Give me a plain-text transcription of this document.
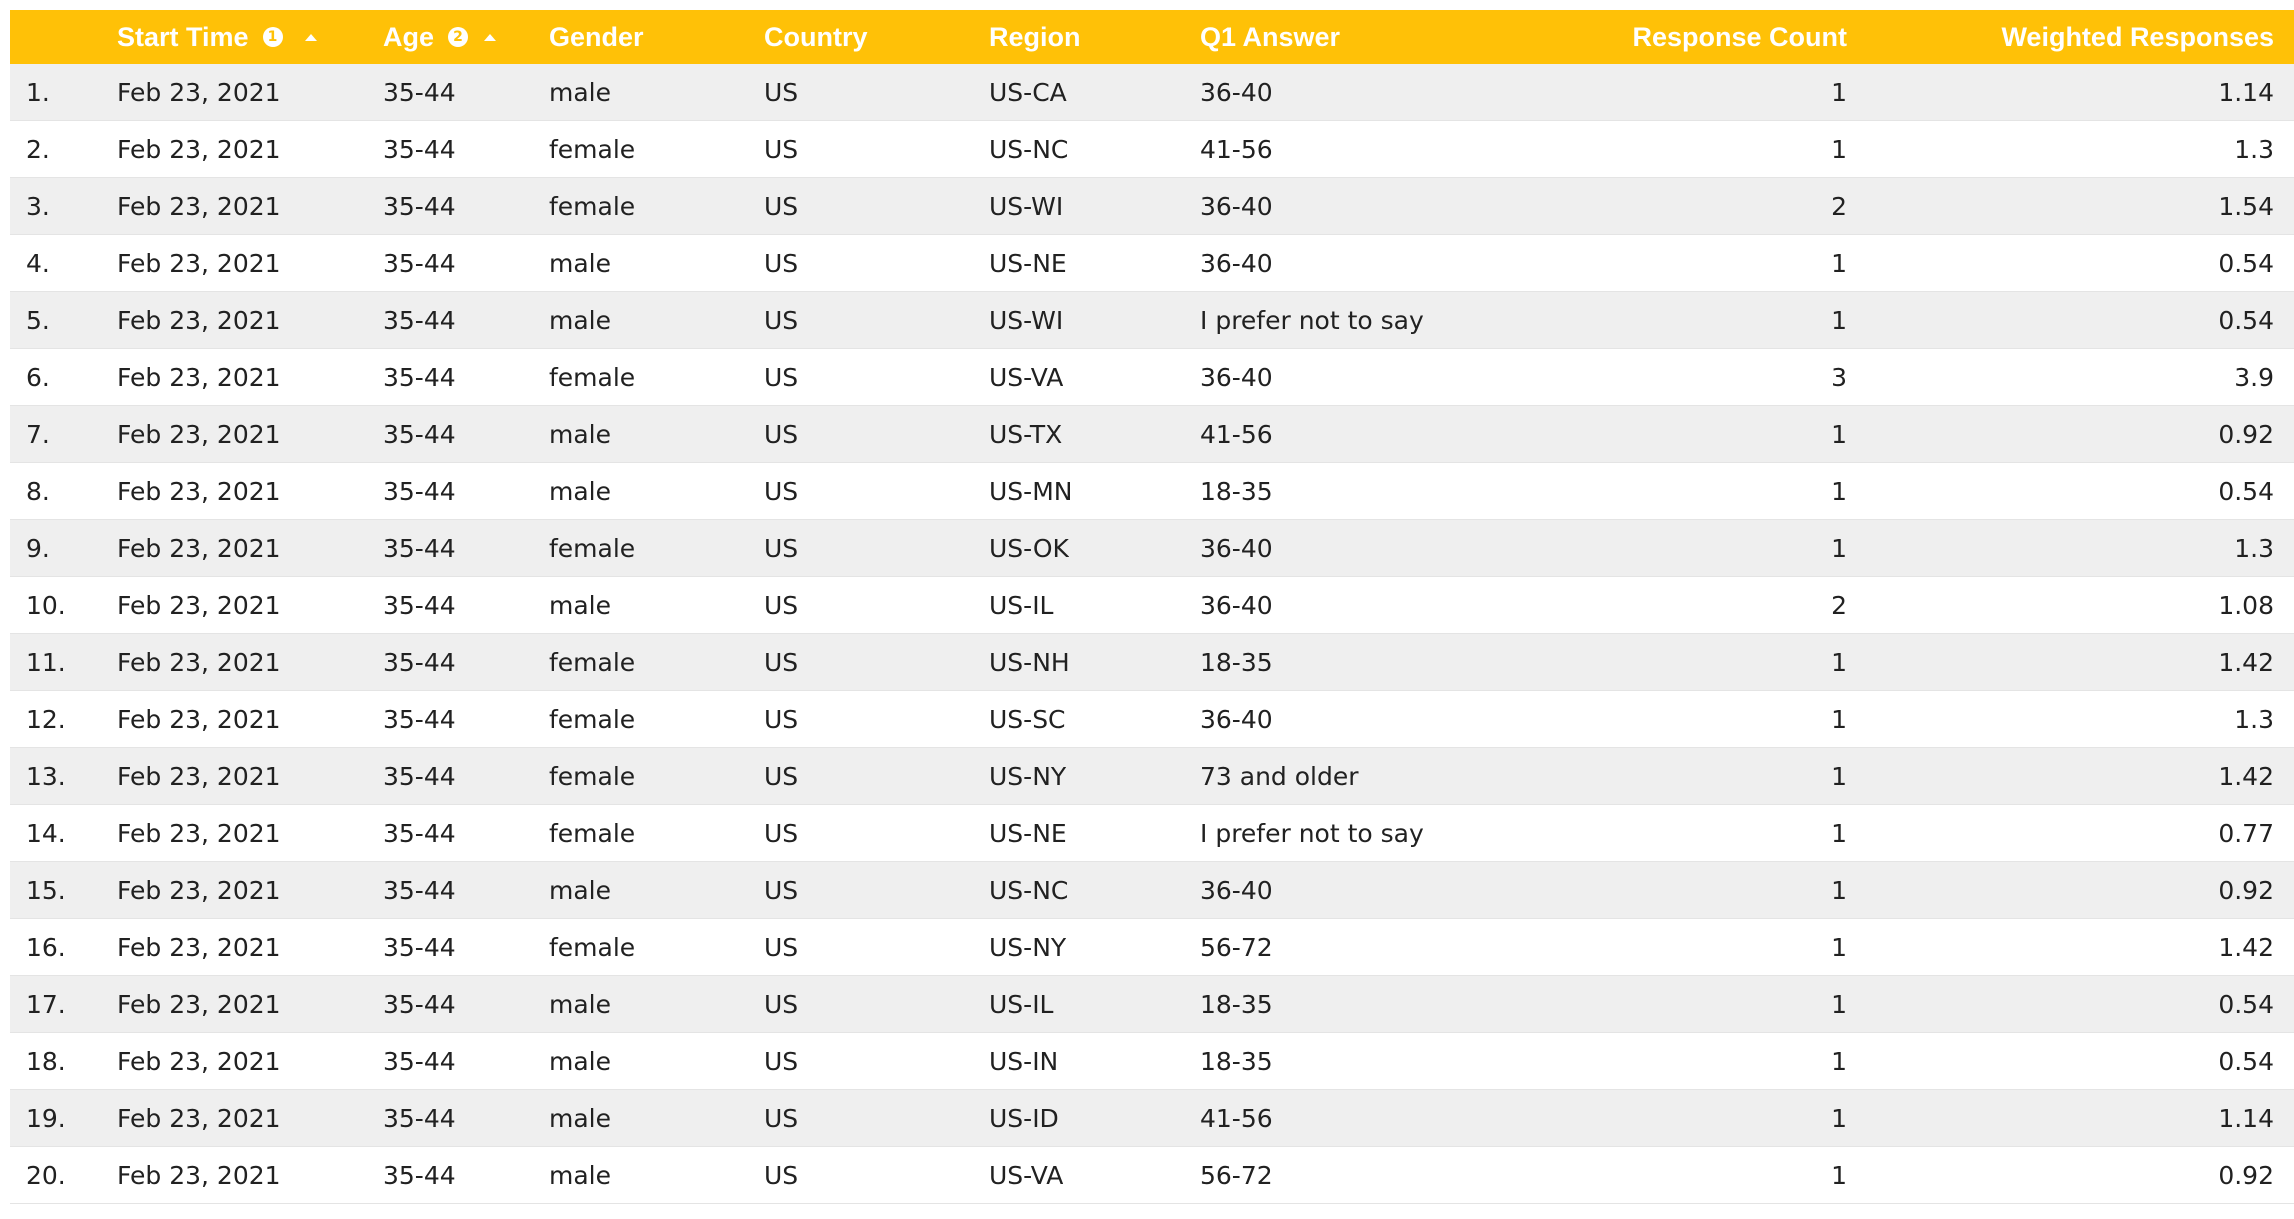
Start Time	1	Age	2	Gender	Country	Region	Q1 Answer	Response Count	Weighted Responses
1.	Feb 23, 2021	35-44	male	US	US-CA	36-40	1	1.14
2.	Feb 23, 2021	35-44	female	US	US-NC	41-56	1	1.3
3.	Feb 23, 2021	35-44	female	US	US-WI	36-40	2	1.54
4.	Feb 23, 2021	35-44	male	US	US-NE	36-40	1	0.54
5.	Feb 23, 2021	35-44	male	US	US-WI	I prefer not to say	1	0.54
6.	Feb 23, 2021	35-44	female	US	US-VA	36-40	3	3.9
7.	Feb 23, 2021	35-44	male	US	US-TX	41-56	1	0.92
8.	Feb 23, 2021	35-44	male	US	US-MN	18-35	1	0.54
9.	Feb 23, 2021	35-44	female	US	US-OK	36-40	1	1.3
10. Feb 23, 2021	35-44	male	US	US-IL	36-40	2	1.08
11. Feb 23, 2021	35-44	female	US	US-NH	18-35	1	1.42
12. Feb 23, 2021	35-44	female	US	US-SC	36-40	1	1.3
13. Feb 23, 2021	35-44	female	US	US-NY	73 and older	1	1.42
14. Feb 23, 2021	35-44	female	US	US-NE	I prefer not to say	1	0.77
15. Feb 23, 2021	35-44	male	US	US-NC	36-40	1	0.92
16. Feb 23, 2021	35-44	female	US	US-NY	56-72	1	1.42
17. Feb 23, 2021	35-44	male	US	US-IL	18-35	1	0.54
18. Feb 23, 2021	35-44	male	US	US-IN	18-35	1	0.54
19. Feb 23, 2021	35-44	male	US	US-ID	41-56	1	1.14
20. Feb 23, 2021	35-44	male	US	US-VA	56-72	1	0.92
